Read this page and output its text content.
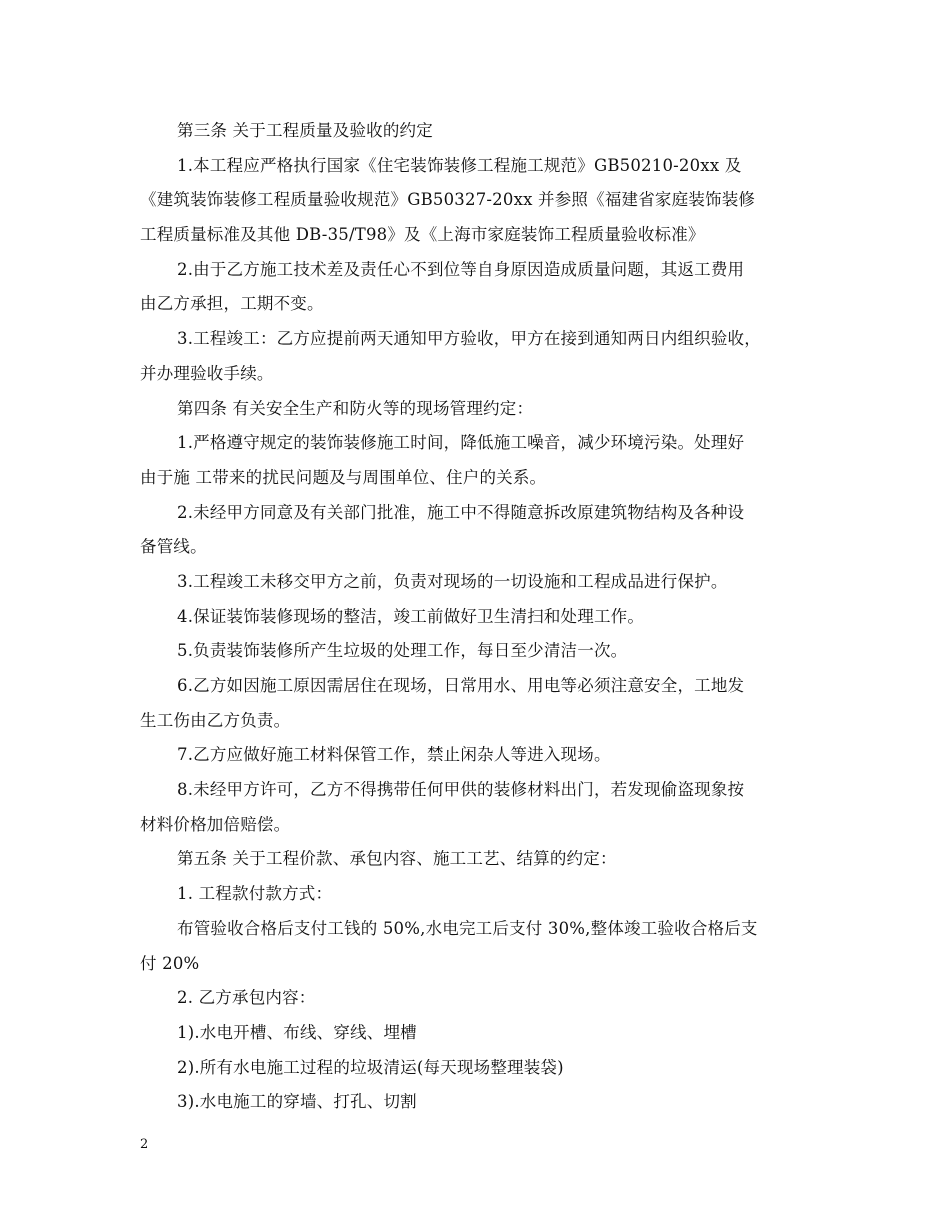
第三条 关于工程质量及验收的约定
1.本工程应严格执行国家《住宅装饰装修工程施工规范》GB50210-20xx 及
《建筑装饰装修工程质量验收规范》GB50327-20xx 并参照《福建省家庭装饰装修
工程质量标准及其他 DB-35/T98》及《上海市家庭装饰工程质量验收标准》
2.由于乙方施工技术差及责任心不到位等自身原因造成质量问题，其返工费用
由乙方承担，工期不变。
3.工程竣工：乙方应提前两天通知甲方验收，甲方在接到通知两日内组织验收，
并办理验收手续。
第四条 有关安全生产和防火等的现场管理约定：
1.严格遵守规定的装饰装修施工时间，降低施工噪音，减少环境污染。处理好
由于施 工带来的扰民问题及与周围单位、住户的关系。
2.未经甲方同意及有关部门批准，施工中不得随意拆改原建筑物结构及各种设
备管线。
3.工程竣工未移交甲方之前，负责对现场的一切设施和工程成品进行保护。
4.保证装饰装修现场的整洁，竣工前做好卫生清扫和处理工作。
5.负责装饰装修所产生垃圾的处理工作，每日至少清洁一次。
6.乙方如因施工原因需居住在现场，日常用水、用电等必须注意安全，工地发
生工伤由乙方负责。
7.乙方应做好施工材料保管工作，禁止闲杂人等进入现场。
8.未经甲方许可，乙方不得携带任何甲供的装修材料出门，若发现偷盗现象按
材料价格加倍赔偿。
第五条 关于工程价款、承包内容、施工工艺、结算的约定：
1. 工程款付款方式：
布管验收合格后支付工钱的 50%,水电完工后支付 30%,整体竣工验收合格后支
付 20%
2. 乙方承包内容：
1).水电开槽、布线、穿线、埋槽
2).所有水电施工过程的垃圾清运(每天现场整理装袋)
3).水电施工的穿墙、打孔、切割
2
